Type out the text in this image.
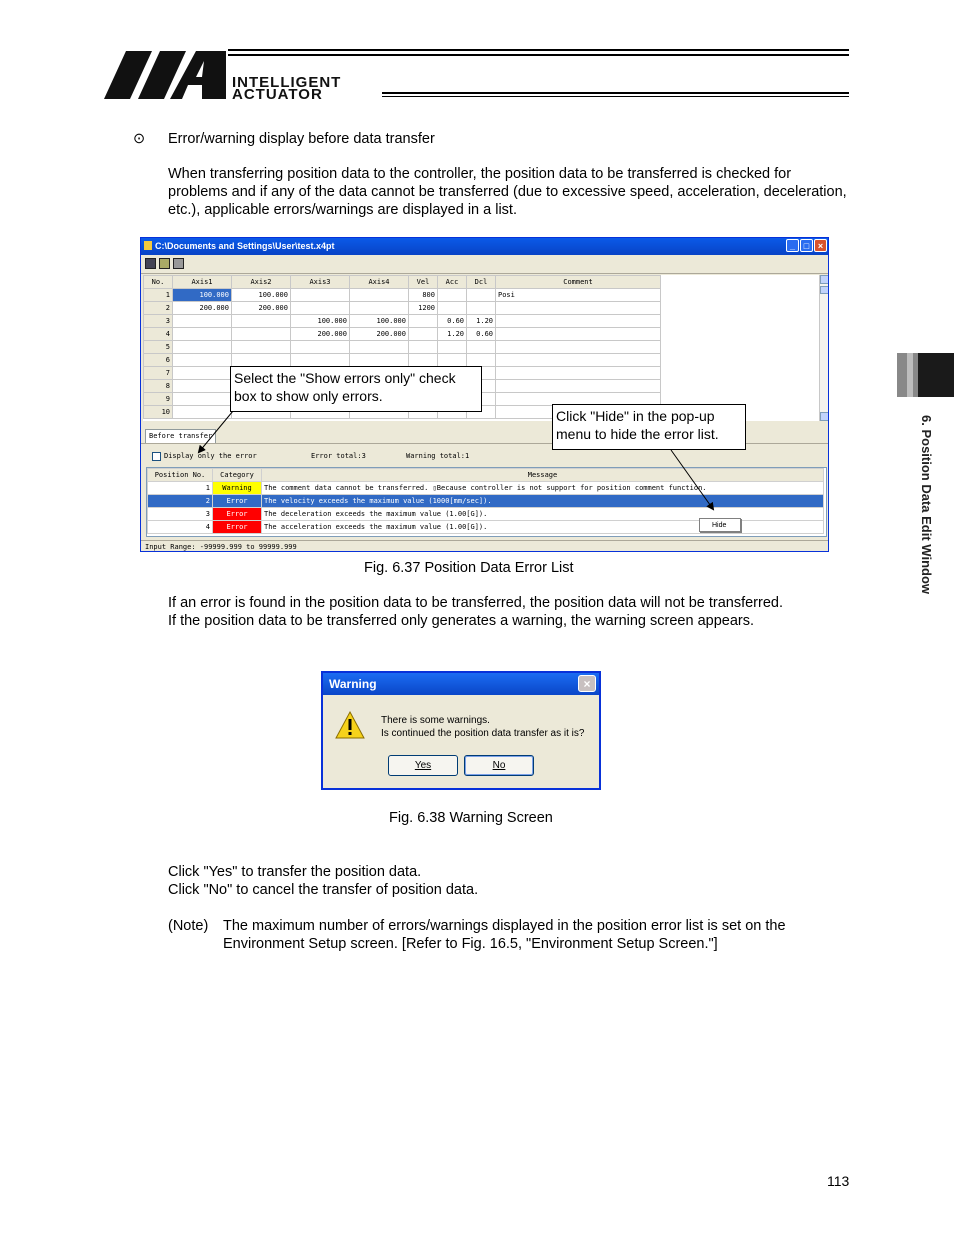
INTELLIGENT
ACTUATOR
6. Position Data Edit Window
⊙ Error/warning display before data transfer
When transferring position data to the controller, the position data to be transferred is checked for problems and if any of the data cannot be transferred (due to excessive speed, acceleration, deceleration, etc.), applicable errors/warnings are displayed in a list.
C:\Documents and Settings\User\test.x4pt	_ □ ×
No.	Axis1	Axis2	Axis3	Axis4	Vel	Acc	Dcl	Comment
1	100.000	100.000			800			Posi
2	200.000	200.000			1200			
3			100.000	100.000		0.60	1.20	
4			200.000	200.000		1.20	0.60	
5								
6								
7								
8								
9								
10								
Before transfer
Display only the error	Error total:3	Warning total:1
Position No.	Category	Message
1	Warning	The comment data cannot be transferred. ▯Because controller is not support for position comment function.
2	Error	The velocity exceeds the maximum value (1000[mm/sec]).
3	Error	The deceleration exceeds the maximum value (1.00[G]).
4	Error	The acceleration exceeds the maximum value (1.00[G]).	Hide
Input Range: -99999.999 to 99999.999
Select the "Show errors only" check box to show only errors.
Click "Hide" in the pop-up menu to hide the error list.
Fig. 6.37 Position Data Error List
If an error is found in the position data to be transferred, the position data will not be transferred.
If the position data to be transferred only generates a warning, the warning screen appears.
Warning	×
There is some warnings.
Is continued the position data transfer as it is?
Yes	No
Fig. 6.38 Warning Screen
Click "Yes" to transfer the position data.
Click "No" to cancel the transfer of position data.
(Note) The maximum number of errors/warnings displayed in the position error list is set on the Environment Setup screen. [Refer to Fig. 16.5, "Environment Setup Screen."]
113
